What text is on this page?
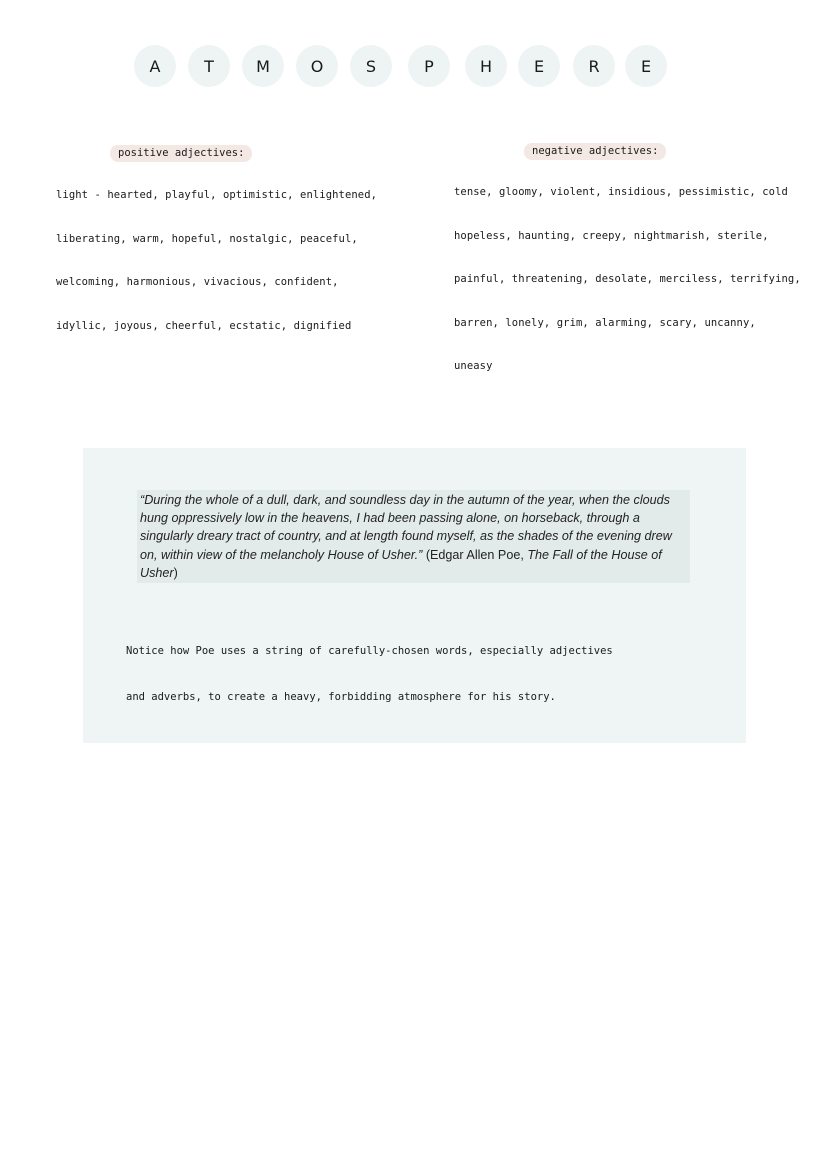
A	T	M	O	S	P	H	E	R	E
positive adjectives:	negative adjectives:
light - hearted, playful, optimistic, enlightened,
liberating, warm, hopeful, nostalgic, peaceful,
welcoming, harmonious, vivacious, confident,
idyllic, joyous, cheerful, ecstatic, dignified
tense, gloomy, violent, insidious, pessimistic, cold
hopeless, haunting, creepy, nightmarish, sterile,
painful, threatening, desolate, merciless, terrifying,
barren, lonely, grim, alarming, scary, uncanny,
uneasy
“During the whole of a dull, dark, and soundless day in the autumn of the year, when the clouds hung oppressively low in the heavens, I had been passing alone, on horseback, through a singularly dreary tract of country, and at length found myself, as the shades of the evening drew on, within view of the melancholy House of Usher.” (Edgar Allen Poe, The Fall of the House of Usher)
Notice how Poe uses a string of carefully-chosen words, especially adjectives
and adverbs, to create a heavy, forbidding atmosphere for his story.
